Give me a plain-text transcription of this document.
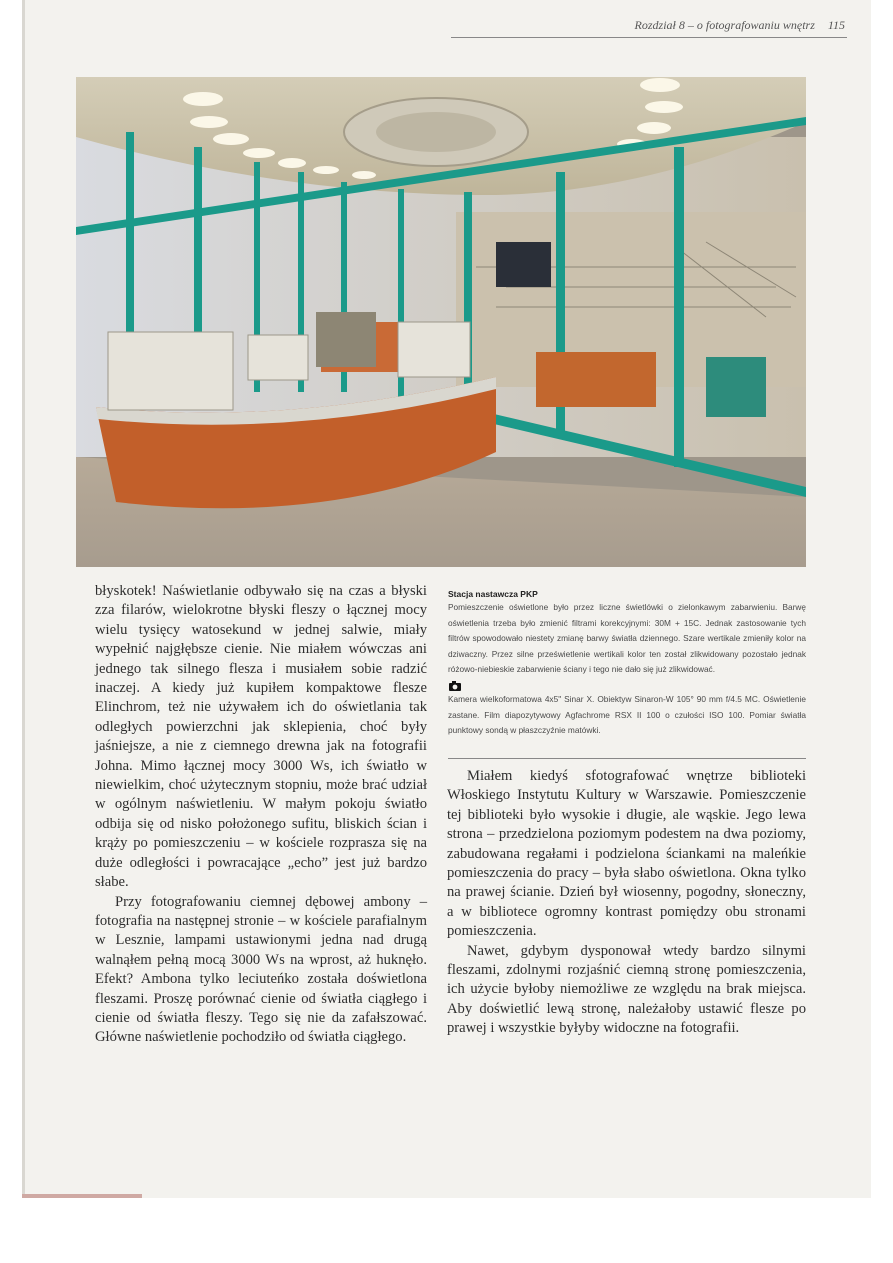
Rozdział 8 – o fotografowaniu wnętrz 115

błyskotek! Naświetlanie odbywało się na czas a błyski zza filarów, wielokrotne błyski fleszy o łącznej mocy wielu tysięcy watosekund w jednej salwie, miały wypełnić najgłębsze cienie. Nie miałem wówczas ani jednego tak silnego flesza i musiałem sobie radzić inaczej. A kiedy już kupiłem kompaktowe flesze Elinchrom, też nie używałem ich do oświetlania tak odległych powierzchni jak sklepienia, choć były jaśniejsze, a nie z ciemnego drewna jak na fotografii Johna. Mimo łącznej mocy 3000 Ws, ich światło w niewielkim, choć użytecznym stopniu, może brać udział w ogólnym naświetleniu. W małym pokoju światło odbija się od nisko położonego sufitu, bliskich ścian i krąży po pomieszczeniu – w kościele rozprasza się na duże odległości i powracające „echo” jest już bardzo słabe.

Przy fotografowaniu ciemnej dębowej ambony – fotografia na następnej stronie – w kościele parafialnym w Lesznie, lampami ustawionymi jedna nad drugą walnąłem pełną mocą 3000 Ws na wprost, aż huknęło. Efekt? Ambona tylko leciuteńko została doświetlona fleszami. Proszę porównać cienie od światła ciągłego i cienie od światła fleszy. Tego się nie da zafałszować. Główne naświetlenie pochodziło od światła ciągłego.

Stacja nastawcza PKP

Pomieszczenie oświetlone było przez liczne świetlówki o zielonkawym zabarwieniu. Barwę oświetlenia trzeba było zmienić filtrami korekcyjnymi: 30M + 15C. Jednak zastosowanie tych filtrów spowodowało niestety zmianę barwy światła dziennego. Szare wertikale zmieniły kolor na dziwaczny. Przez silne prześwietlenie wertikali kolor ten został zlikwidowany pozostało jednak różowo-niebieskie zabarwienie ściany i tego nie dało się już zlikwidować.

Kamera wielkoformatowa 4x5" Sinar X. Obiektyw Sinaron-W 105° 90 mm f/4.5 MC. Oświetlenie zastane. Film diapozytywowy Agfachrome RSX II 100 o czułości ISO 100. Pomiar światła punktowy sondą w płaszczyźnie matówki.

Miałem kiedyś sfotografować wnętrze biblioteki Włoskiego Instytutu Kultury w Warszawie. Pomieszczenie tej biblioteki było wysokie i długie, ale wąskie. Jego lewa strona – przedzielona poziomym podestem na dwa poziomy, zabudowana regałami i podzielona ściankami na maleńkie pomieszczenia do pracy – była słabo oświetlona. Okna tylko na prawej ścianie. Dzień był wiosenny, pogodny, słoneczny, a w bibliotece ogromny kontrast pomiędzy obu stronami pomieszczenia.

Nawet, gdybym dysponował wtedy bardzo silnymi fleszami, zdolnymi rozjaśnić ciemną stronę pomieszczenia, ich użycie byłoby niemożliwe ze względu na brak miejsca. Aby doświetlić lewą stronę, należałoby ustawić flesze po prawej i wszystkie byłyby widoczne na fotografii.
